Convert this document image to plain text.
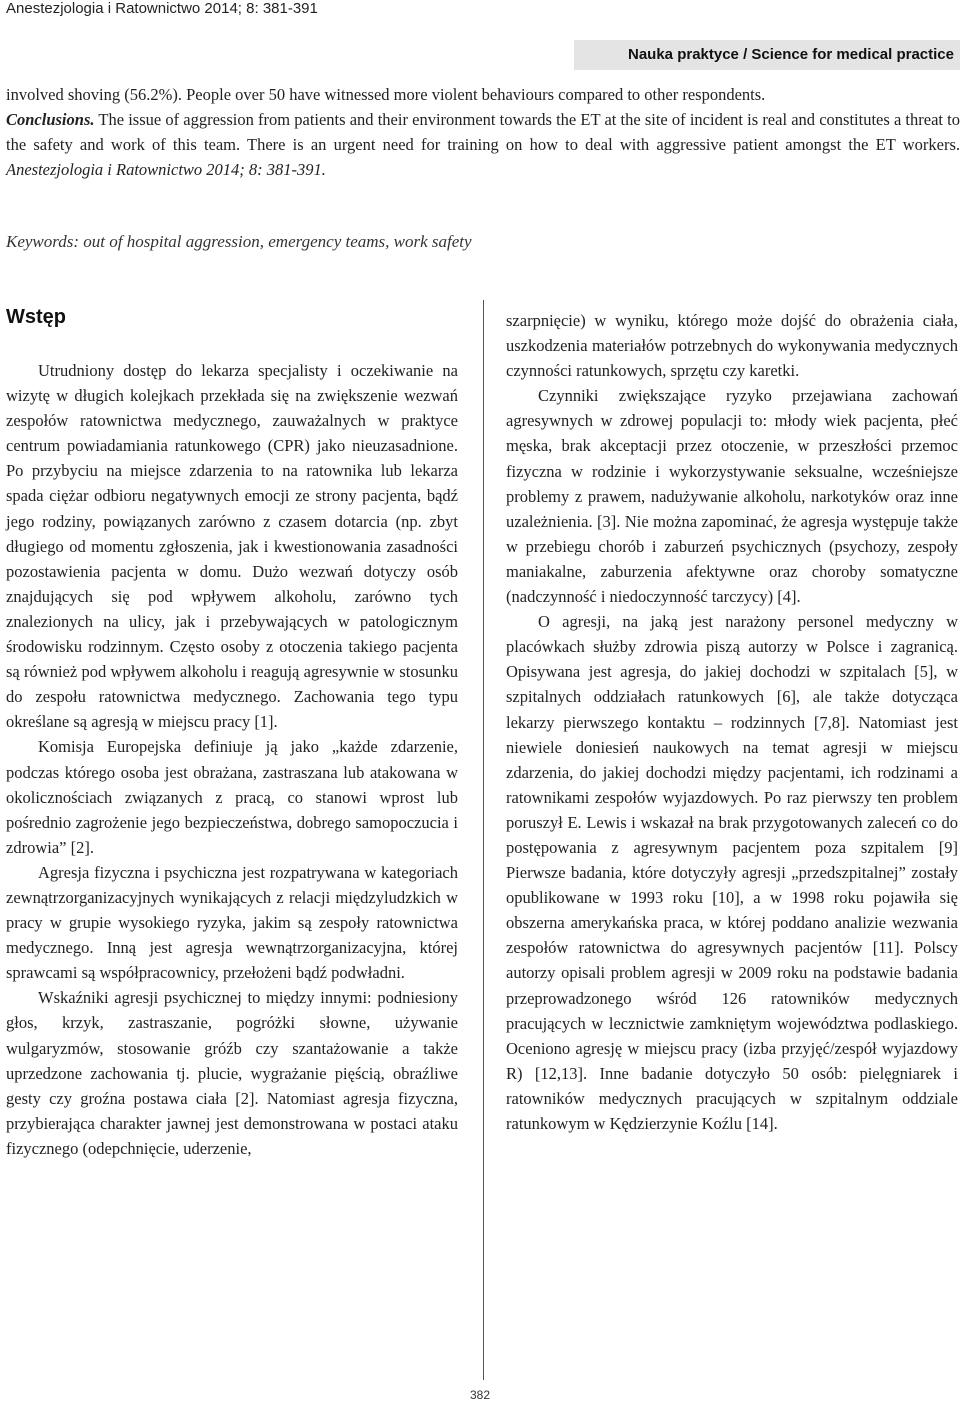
Anestezjologia i Ratownictwo 2014; 8: 381-391
Nauka praktyce / Science for medical practice

involved shoving (56.2%). People over 50 have witnessed more violent behaviours compared to other respondents.

Conclusions. The issue of aggression from patients and their environment towards the ET at the site of incident is real and constitutes a threat to the safety and work of this team. There is an urgent need for training on how to deal with aggressive patient amongst the ET workers. Anestezjologia i Ratownictwo 2014; 8: 381-391.

Keywords: out of hospital aggression, emergency teams, work safety
Wstęp

Utrudniony dostęp do lekarza specjalisty i oczekiwanie na wizytę w długich kolejkach przekłada się na zwiększenie wezwań zespołów ratownictwa medycznego, zauważalnych w praktyce centrum powiadamiania ratunkowego (CPR) jako nieuzasadnione. Po przybyciu na miejsce zdarzenia to na ratownika lub lekarza spada ciężar odbioru negatywnych emocji ze strony pacjenta, bądź jego rodziny, powiązanych zarówno z czasem dotarcia (np. zbyt długiego od momentu zgłoszenia, jak i kwestionowania zasadności pozostawienia pacjenta w domu. Dużo wezwań dotyczy osób znajdujących się pod wpływem alkoholu, zarówno tych znalezionych na ulicy, jak i przebywających w patologicznym środowisku rodzinnym. Często osoby z otoczenia takiego pacjenta są również pod wpływem alkoholu i reagują agresywnie w stosunku do zespołu ratownictwa medycznego. Zachowania tego typu określane są agresją w miejscu pracy [1].

Komisja Europejska definiuje ją jako „każde zdarzenie, podczas którego osoba jest obrażana, zastraszana lub atakowana w okolicznościach związanych z pracą, co stanowi wprost lub pośrednio zagrożenie jego bezpieczeństwa, dobrego samopoczucia i zdrowia” [2].

Agresja fizyczna i psychiczna jest rozpatrywana w kategoriach zewnątrzorganizacyjnych wynikających z relacji międzyludzkich w pracy w grupie wysokiego ryzyka, jakim są zespoły ratownictwa medycznego. Inną jest agresja wewnątrzorganizacyjna, której sprawcami są współpracownicy, przełożeni bądź podwładni.

Wskaźniki agresji psychicznej to między innymi: podniesiony głos, krzyk, zastraszanie, pogróżki słowne, używanie wulgaryzmów, stosowanie gróźb czy szantażowanie a także uprzedzone zachowania tj. plucie, wygrażanie pięścią, obraźliwe gesty czy groźna postawa ciała [2]. Natomiast agresja fizyczna, przybierająca charakter jawnej jest demonstrowana w postaci ataku fizycznego (odepchnięcie, uderzenie,

szarpnięcie) w wyniku, którego może dojść do obrażenia ciała, uszkodzenia materiałów potrzebnych do wykonywania medycznych czynności ratunkowych, sprzętu czy karetki.

Czynniki zwiększające ryzyko przejawiana zachowań agresywnych w zdrowej populacji to: młody wiek pacjenta, płeć męska, brak akceptacji przez otoczenie, w przeszłości przemoc fizyczna w rodzinie i wykorzystywanie seksualne, wcześniejsze problemy z prawem, nadużywanie alkoholu, narkotyków oraz inne uzależnienia. [3]. Nie można zapominać, że agresja występuje także w przebiegu chorób i zaburzeń psychicznych (psychozy, zespoły maniakalne, zaburzenia afektywne oraz choroby somatyczne (nadczynność i niedoczynność tarczycy) [4].

O agresji, na jaką jest narażony personel medyczny w placówkach służby zdrowia piszą autorzy w Polsce i zagranicą. Opisywana jest agresja, do jakiej dochodzi w szpitalach [5], w szpitalnych oddziałach ratunkowych [6], ale także dotycząca lekarzy pierwszego kontaktu – rodzinnych [7,8]. Natomiast jest niewiele doniesień naukowych na temat agresji w miejscu zdarzenia, do jakiej dochodzi między pacjentami, ich rodzinami a ratownikami zespołów wyjazdowych. Po raz pierwszy ten problem poruszył E. Lewis i wskazał na brak przygotowanych zaleceń co do postępowania z agresywnym pacjentem poza szpitalem [9] Pierwsze badania, które dotyczyły agresji „przedszpitalnej” zostały opublikowane w 1993 roku [10], a w 1998 roku pojawiła się obszerna amerykańska praca, w której poddano analizie wezwania zespołów ratownictwa do agresywnych pacjentów [11]. Polscy autorzy opisali problem agresji w 2009 roku na podstawie badania przeprowadzonego wśród 126 ratowników medycznych pracujących w lecznictwie zamkniętym województwa podlaskiego. Oceniono agresję w miejscu pracy (izba przyjęć/zespół wyjazdowy R) [12,13]. Inne badanie dotyczyło 50 osób: pielęgniarek i ratowników medycznych pracujących w szpitalnym oddziale ratunkowym w Kędzierzynie Koźlu [14].

382
